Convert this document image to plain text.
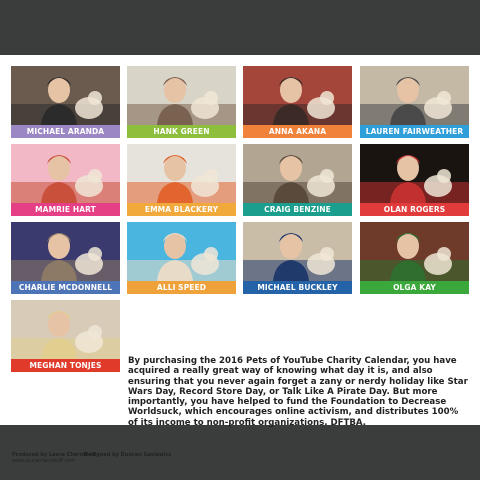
MICHAEL ARANDA	HANK GREEN	ANNA AKANA	LAUREN FAIRWEATHER
MAMRIE HART	EMMA BLACKERY	CRAIG BENZINE	OLAN ROGERS
CHARLIE MCDONNELL	ALLI SPEED	MICHAEL BUCKLEY	OLGA KAY
MEGHAN TONJES	By purchasing the 2016 Pets of YouTube Charity Calendar, you have acquired a really great way of knowing what day it is, and also ensuring that you never again forget a zany or nerdy holiday like Star Wars Day, Record Store Day, or Talk Like A Pirate Day. But more importantly, you have helped to fund the Foundation to Decrease Worldsuck, which encourages online activism, and distributes 100% of its income to non-profit organizations. DFTBA.
Produced by Laura Chernikoff
www.laurachernikoff.com
Designed by Duncan Gasiewicz
